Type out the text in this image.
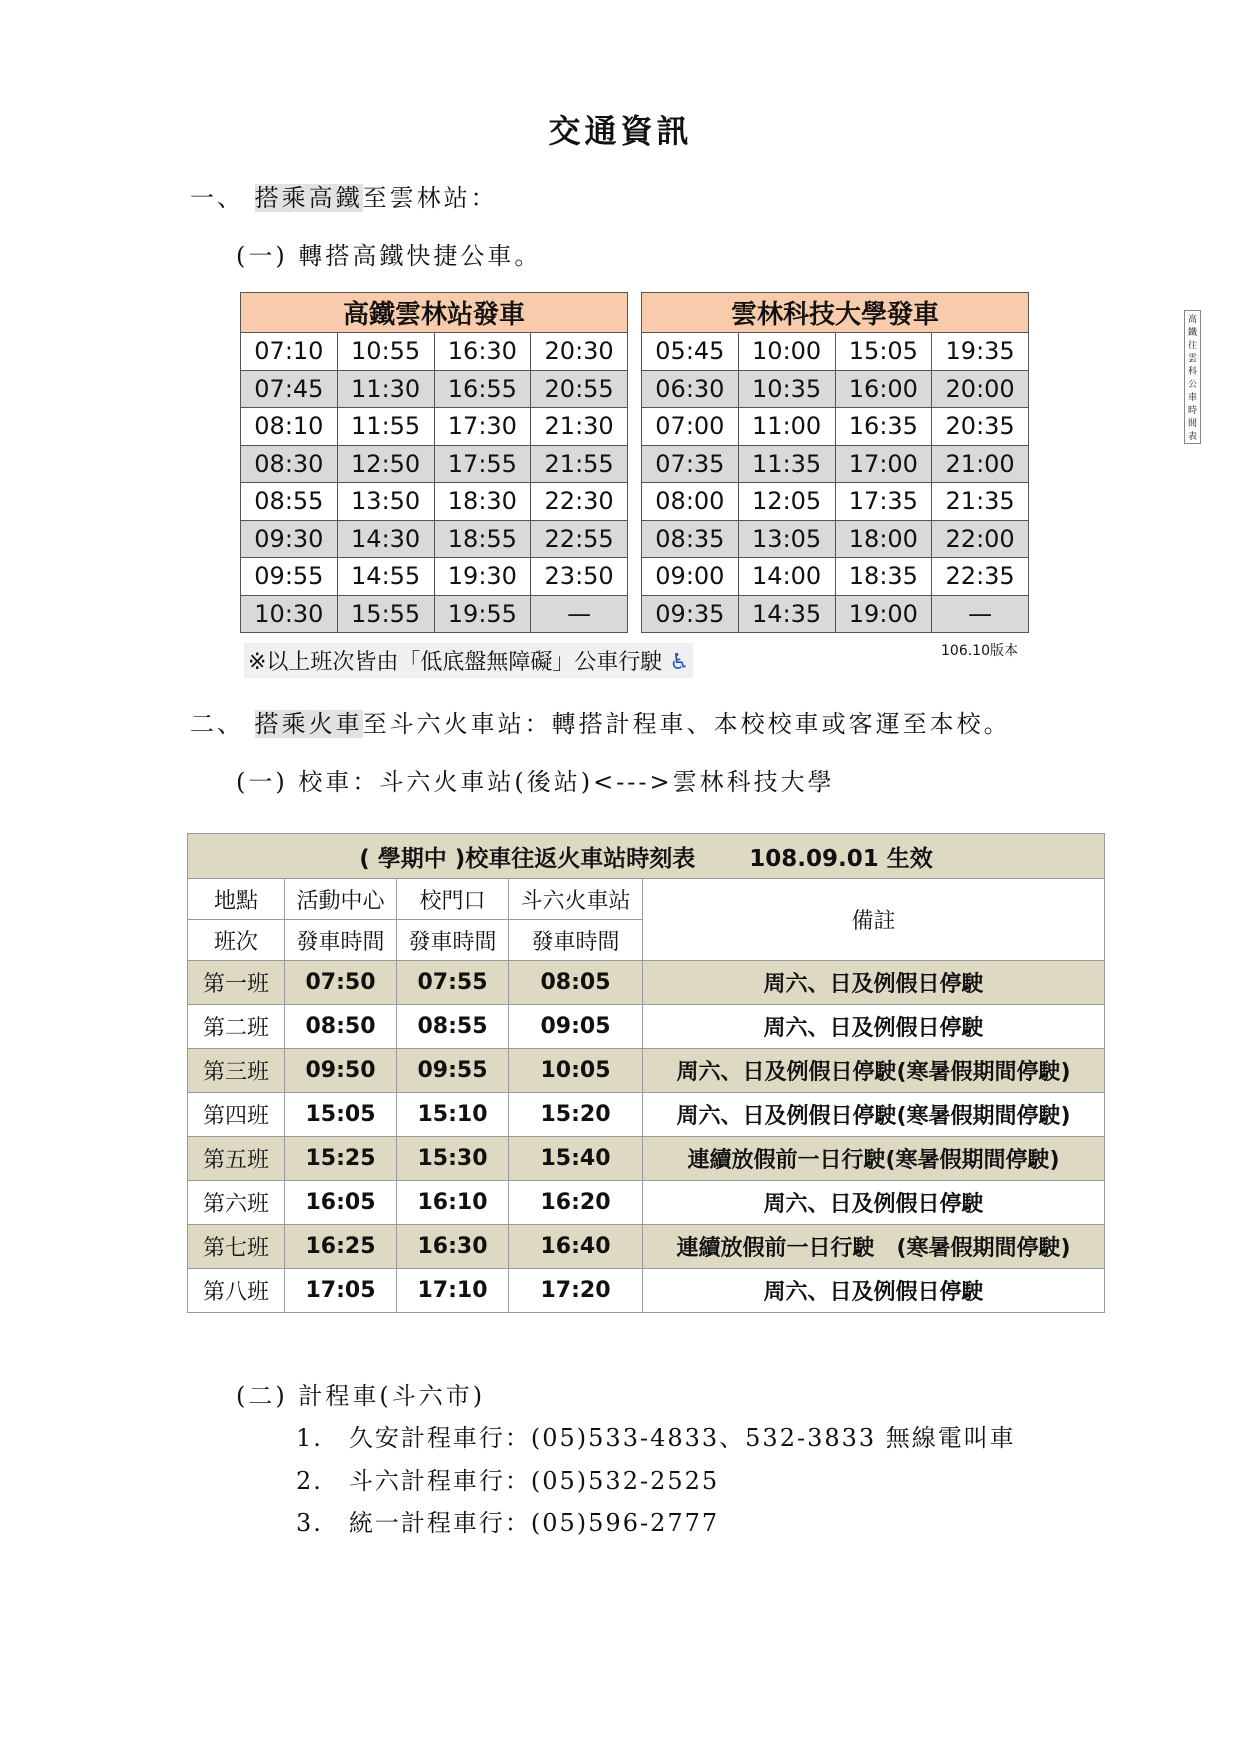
交通資訊
一、 搭乘高鐵至雲林站：
(一) 轉搭高鐵快捷公車。
高鐵雲林站發車			
07:10	10:55	16:30	20:30
07:45	11:30	16:55	20:55
08:10	11:55	17:30	21:30
08:30	12:50	17:55	21:55
08:55	13:50	18:30	22:30
09:30	14:30	18:55	22:55
09:55	14:55	19:30	23:50
10:30	15:55	19:55	—
雲林科技大學發車 高鐵往雲科公車時間表			

05:45	10:00	15:05	19:35
06:30	10:35	16:00	20:00
07:00	11:00	16:35	20:35
07:35	11:35	17:00	21:00
08:00	12:05	17:35	21:35
08:35	13:05	18:00	22:00
09:00	14:00	18:35	22:35
09:35	14:35	19:00	—
※以上班次皆由「低底盤無障礙」公車行駛 ♿	106.10版本
二、 搭乘火車至斗六火車站：轉搭計程車、本校校車或客運至本校。
(一) 校車：斗六火車站(後站)<--->雲林科技大學
( 學期中 )校車往返火車站時刻表　　 108.09.01 生效				
地點	活動中心	校門口	斗六火車站	備註
班次	發車時間	發車時間	發車時間	
第一班	07:50	07:55	08:05	周六、日及例假日停駛
第二班	08:50	08:55	09:05	周六、日及例假日停駛
第三班	09:50	09:55	10:05	周六、日及例假日停駛(寒暑假期間停駛)
第四班	15:05	15:10	15:20	周六、日及例假日停駛(寒暑假期間停駛)
第五班	15:25	15:30	15:40	連續放假前一日行駛(寒暑假期間停駛)
第六班	16:05	16:10	16:20	周六、日及例假日停駛
第七班	16:25	16:30	16:40	連續放假前一日行駛　(寒暑假期間停駛)
第八班	17:05	17:10	17:20	周六、日及例假日停駛
(二) 計程車(斗六市)
1.　久安計程車行：(05)533-4833、532-3833 無線電叫車
2.　斗六計程車行：(05)532-2525
3.　統一計程車行：(05)596-2777
